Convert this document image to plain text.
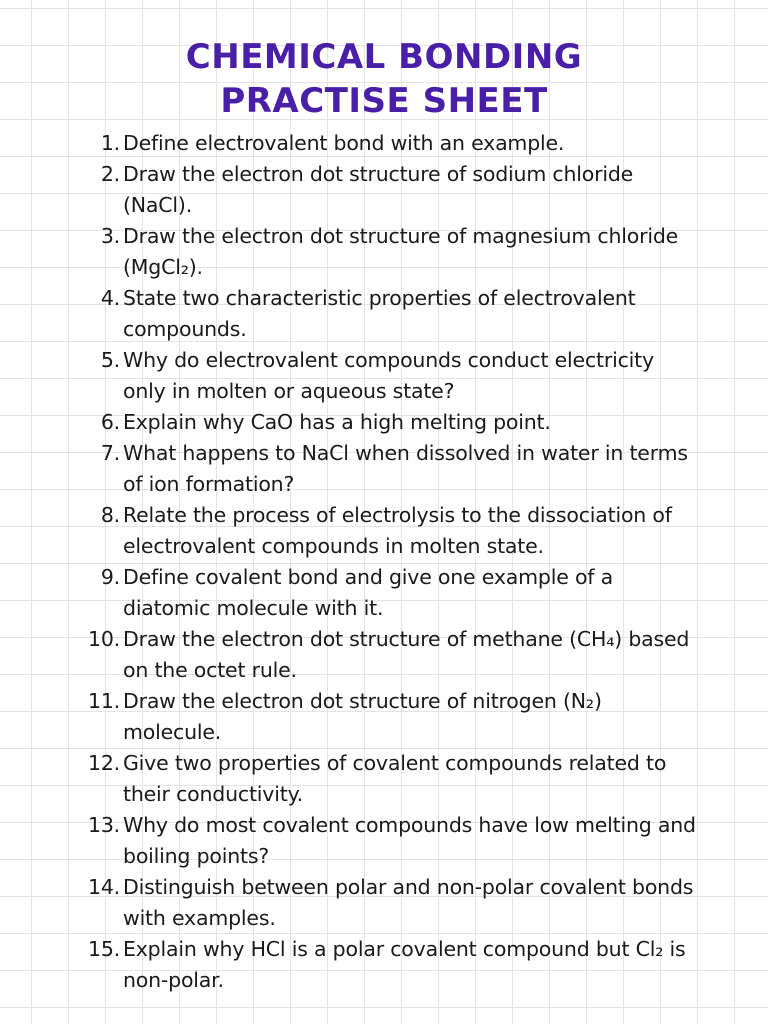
CHEMICAL BONDING
PRACTISE SHEET
1. Define electrovalent bond with an example.
2. Draw the electron dot structure of sodium chloride (NaCl).
3. Draw the electron dot structure of magnesium chloride (MgCl₂).
4. State two characteristic properties of electrovalent compounds.
5. Why do electrovalent compounds conduct electricity only in molten or aqueous state?
6. Explain why CaO has a high melting point.
7. What happens to NaCl when dissolved in water in terms of ion formation?
8. Relate the process of electrolysis to the dissociation of electrovalent compounds in molten state.
9. Define covalent bond and give one example of a diatomic molecule with it.
10. Draw the electron dot structure of methane (CH₄) based on the octet rule.
11. Draw the electron dot structure of nitrogen (N₂) molecule.
12. Give two properties of covalent compounds related to their conductivity.
13. Why do most covalent compounds have low melting and boiling points?
14. Distinguish between polar and non-polar covalent bonds with examples.
15. Explain why HCl is a polar covalent compound but Cl₂ is non-polar.
